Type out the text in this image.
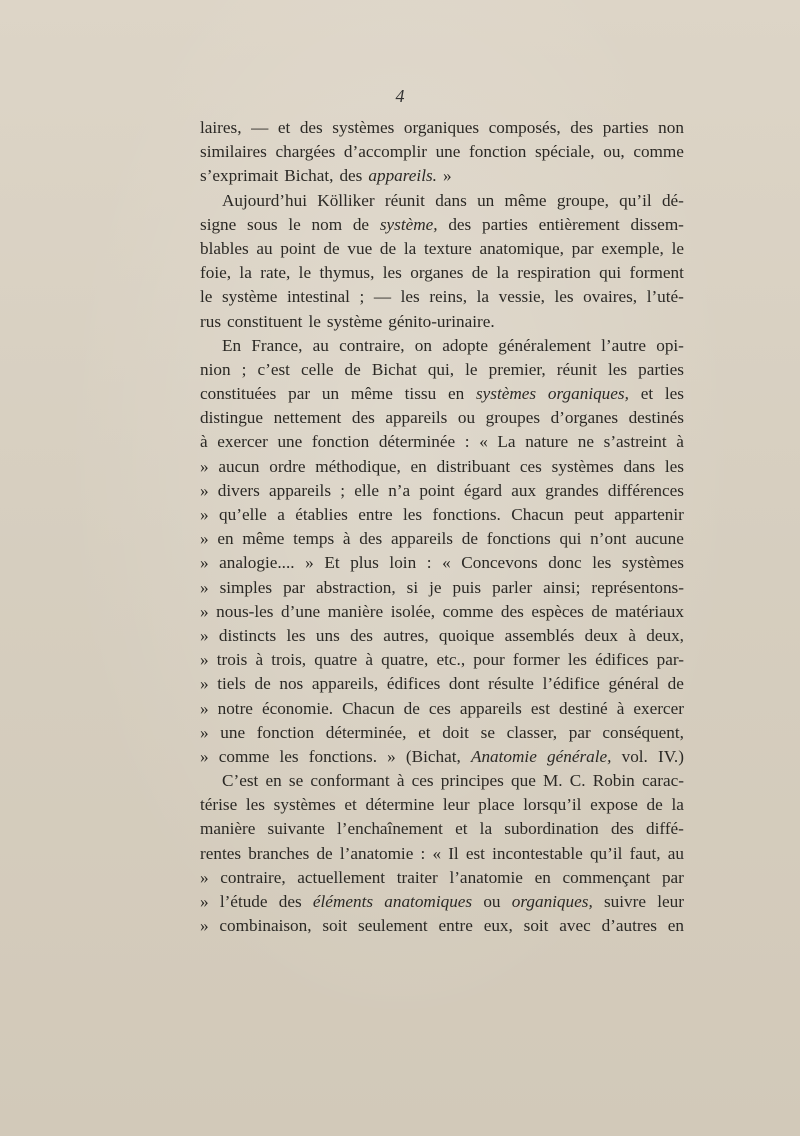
4
laires, — et des systèmes organiques composés, des parties non
similaires chargées d’accomplir une fonction spéciale, ou, comme
s’exprimait Bichat, des appareils. »
Aujourd’hui Kölliker réunit dans un même groupe, qu’il dé-
signe sous le nom de système, des parties entièrement dissem-
blables au point de vue de la texture anatomique, par exemple, le
foie, la rate, le thymus, les organes de la respiration qui forment
le système intestinal ; — les reins, la vessie, les ovaires, l’uté-
rus constituent le système génito-urinaire.
En France, au contraire, on adopte généralement l’autre opi-
nion ; c’est celle de Bichat qui, le premier, réunit les parties
constituées par un même tissu en systèmes organiques, et les
distingue nettement des appareils ou groupes d’organes destinés
à exercer une fonction déterminée : « La nature ne s’astreint à
» aucun ordre méthodique, en distribuant ces systèmes dans les
» divers appareils ; elle n’a point égard aux grandes différences
» qu’elle a établies entre les fonctions. Chacun peut appartenir
» en même temps à des appareils de fonctions qui n’ont aucune
» analogie.... » Et plus loin : « Concevons donc les systèmes
» simples par abstraction, si je puis parler ainsi; représentons-
» nous-les d’une manière isolée, comme des espèces de matériaux
» distincts les uns des autres, quoique assemblés deux à deux,
» trois à trois, quatre à quatre, etc., pour former les édifices par-
» tiels de nos appareils, édifices dont résulte l’édifice général de
» notre économie. Chacun de ces appareils est destiné à exercer
» une fonction déterminée, et doit se classer, par conséquent,
» comme les fonctions. » (Bichat, Anatomie générale, vol. IV.)
C’est en se conformant à ces principes que M. C. Robin carac-
térise les systèmes et détermine leur place lorsqu’il expose de la
manière suivante l’enchaînement et la subordination des diffé-
rentes branches de l’anatomie : « Il est incontestable qu’il faut, au
» contraire, actuellement traiter l’anatomie en commençant par
» l’étude des éléments anatomiques ou organiques, suivre leur
» combinaison, soit seulement entre eux, soit avec d’autres en
